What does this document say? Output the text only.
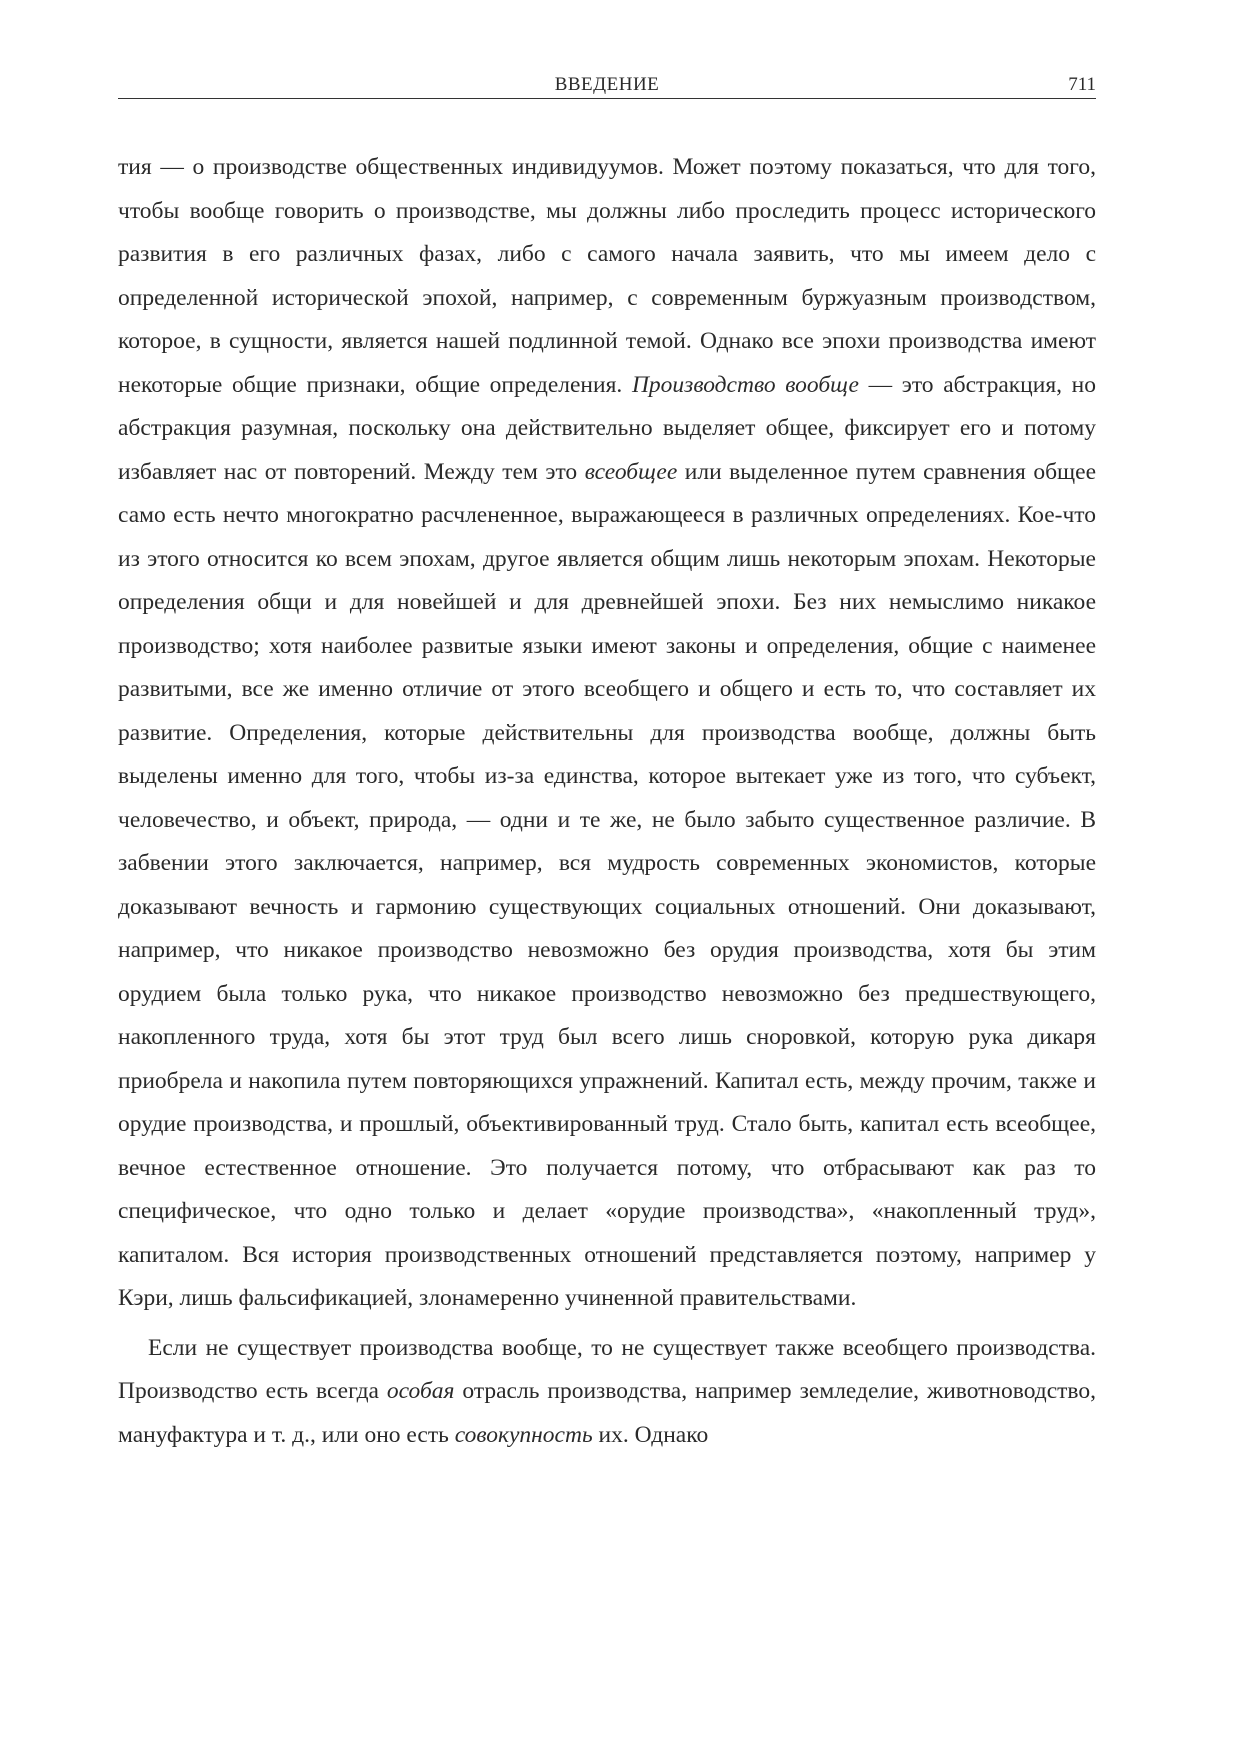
ВВЕДЕНИЕ	711

тия — о производстве общественных индивидуумов. Может поэтому показаться, что для того, чтобы вообще говорить о производстве, мы должны либо проследить процесс исторического развития в его различных фазах, либо с самого начала заявить, что мы имеем дело с определенной исторической эпохой, например, с современным буржуазным производством, которое, в сущности, является нашей подлинной темой. Однако все эпохи производства имеют некоторые общие признаки, общие определения. Производство вообще — это абстракция, но абстракция разумная, поскольку она действительно выделяет общее, фиксирует его и потому избавляет нас от повторений. Между тем это всеобщее или выделенное путем сравнения общее само есть нечто многократно расчлененное, выражающееся в различных определениях. Кое-что из этого относится ко всем эпохам, другое является общим лишь некоторым эпохам. Некоторые определения общи и для новейшей и для древнейшей эпохи. Без них немыслимо никакое производство; хотя наиболее развитые языки имеют законы и определения, общие с наименее развитыми, все же именно отличие от этого всеобщего и общего и есть то, что составляет их развитие. Определения, которые действительны для производства вообще, должны быть выделены именно для того, чтобы из-за единства, которое вытекает уже из того, что субъект, человечество, и объект, природа, — одни и те же, не было забыто существенное различие. В забвении этого заключается, например, вся мудрость современных экономистов, которые доказывают вечность и гармонию существующих социальных отношений. Они доказывают, например, что никакое производство невозможно без орудия производства, хотя бы этим орудием была только рука, что никакое производство невозможно без предшествующего, накопленного труда, хотя бы этот труд был всего лишь сноровкой, которую рука дикаря приобрела и накопила путем повторяющихся упражнений. Капитал есть, между прочим, также и орудие производства, и прошлый, объективированный труд. Стало быть, капитал есть всеобщее, вечное естественное отношение. Это получается потому, что отбрасывают как раз то специфическое, что одно только и делает «орудие производства», «накопленный труд», капиталом. Вся история производственных отношений представляется поэтому, например у Кэри, лишь фальсификацией, злонамеренно учиненной правительствами.

Если не существует производства вообще, то не существует также всеобщего производства. Производство есть всегда особая отрасль производства, например земледелие, животноводство, мануфактура и т. д., или оно есть совокупность их. Однако
